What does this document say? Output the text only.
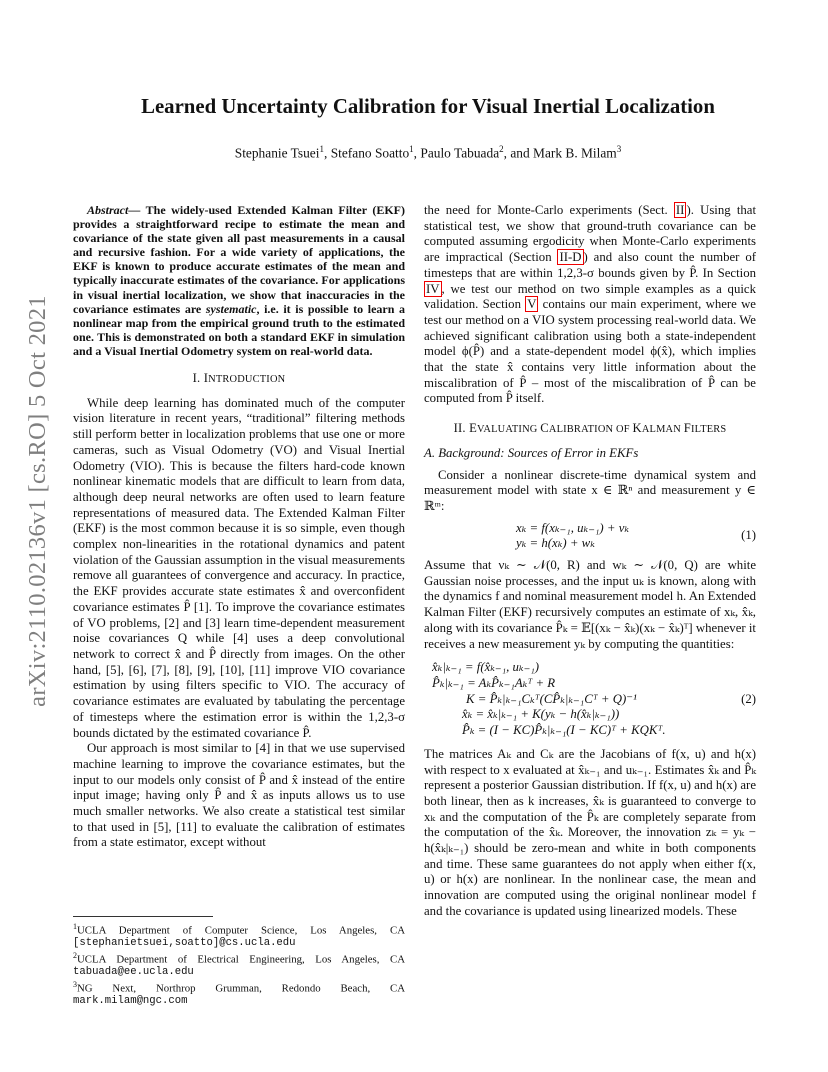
arXiv:2110.02136v1 [cs.RO] 5 Oct 2021
Learned Uncertainty Calibration for Visual Inertial Localization
Stephanie Tsuei$^1$, Stefano Soatto$^1$, Paulo Tabuada$^2$, and Mark B. Milam$^3$

Abstract— The widely-used Extended Kalman Filter (EKF) provides a straightforward recipe to estimate the mean and covariance of the state given all past measurements in a causal and recursive fashion. For a wide variety of applications, the EKF is known to produce accurate estimates of the mean and typically inaccurate estimates of the covariance. For applications in visual inertial localization, we show that inaccuracies in the covariance estimates are systematic, i.e. it is possible to learn a nonlinear map from the empirical ground truth to the estimated one. This is demonstrated on both a standard EKF in simulation and a Visual Inertial Odometry system on real-world data.

I. INTRODUCTION

While deep learning has dominated much of the computer vision literature in recent years, “traditional” filtering methods still perform better in localization problems that use one or more cameras, such as Visual Odometry (VO) and Visual Inertial Odometry (VIO). This is because the filters hard-code known nonlinear kinematic models that are difficult to learn from data, although deep neural networks are often used to learn feature representations of measured data. The Extended Kalman Filter (EKF) is the most common because it is so simple, even though complex non-linearities in the rotational dynamics and patent violation of the Gaussian assumption in the visual measurements remove all guarantees of convergence and accuracy. In practice, the EKF provides accurate state estimates x̂ and overconfident covariance estimates P̂ [1]. To improve the covariance estimates of VO problems, [2] and [3] learn time-dependent measurement noise covariances Q while [4] uses a deep convolutional network to correct x̂ and P̂ directly from images. On the other hand, [5], [6], [7], [8], [9], [10], [11] improve VIO covariance estimation by using filters specific to VIO. The accuracy of covariance estimates are evaluated by tabulating the percentage of timesteps where the estimation error is within the 1,2,3-σ bounds dictated by the estimated covariance P̂.

Our approach is most similar to [4] in that we use supervised machine learning to improve the covariance estimates, but the input to our models only consist of P̂ and x̂ instead of the entire input image; having only P̂ and x̂ as inputs allows us to use much smaller networks. We also create a statistical test similar to that used in [5], [11] to evaluate the calibration of estimates from a state estimator, except without

$^1$UCLA Department of Computer Science, Los Angeles, CA
[stephanietsuei,soatto]@cs.ucla.edu
$^2$UCLA Department of Electrical Engineering, Los Angeles, CA
tabuada@ee.ucla.edu
$^3$NG Next, Northrop Grumman, Redondo Beach, CA
mark.milam@ngc.com

the need for Monte-Carlo experiments (Sect. II ). Using that statistical test, we show that ground-truth covariance can be computed assuming ergodicity when Monte-Carlo experiments are impractical (Section II-D ) and also count the number of timesteps that are within 1,2,3-σ bounds given by P̂. In Section IV , we test our method on two simple examples as a quick validation. Section V contains our main experiment, where we test our method on a VIO system processing real-world data. We achieved significant calibration using both a state-independent model ϕ(P̂) and a state-dependent model ϕ(x̂), which implies that the state x̂ contains very little information about the miscalibration of P̂ – most of the miscalibration of P̂ can be computed from P̂ itself.

II. EVALUATING CALIBRATION OF KALMAN FILTERS
A. Background: Sources of Error in EKFs

Consider a nonlinear discrete-time dynamical system and measurement model with state x ∈ ℝⁿ and measurement y ∈ ℝᵐ:

xₖ = f(xₖ₋₁, uₖ₋₁) + νₖ
yₖ = h(xₖ) + wₖ
(1)

Assume that νₖ ∼ 𝒩(0, R) and wₖ ∼ 𝒩(0, Q) are white Gaussian noise processes, and the input uₖ is known, along with the dynamics f and nominal measurement model h. An Extended Kalman Filter (EKF) recursively computes an estimate of xₖ, x̂ₖ, along with its covariance P̂ₖ = 𝔼[(xₖ − x̂ₖ)(xₖ − x̂ₖ)ᵀ] whenever it receives a new measurement yₖ by computing the quantities:

x̂ₖ|ₖ₋₁ = f(x̂ₖ₋₁, uₖ₋₁)
P̂ₖ|ₖ₋₁ = AₖP̂ₖ₋₁Aₖᵀ + R
K = P̂ₖ|ₖ₋₁Cₖᵀ(CP̂ₖ|ₖ₋₁Cᵀ + Q)⁻¹
x̂ₖ = x̂ₖ|ₖ₋₁ + K(yₖ − h(x̂ₖ|ₖ₋₁))
P̂ₖ = (I − KC)P̂ₖ|ₖ₋₁(I − KC)ᵀ + KQKᵀ.
(2)

The matrices Aₖ and Cₖ are the Jacobians of f(x, u) and h(x) with respect to x evaluated at x̂ₖ₋₁ and uₖ₋₁. Estimates x̂ₖ and P̂ₖ represent a posterior Gaussian distribution. If f(x, u) and h(x) are both linear, then as k increases, x̂ₖ is guaranteed to converge to xₖ and the computation of the P̂ₖ are completely separate from the computation of the x̂ₖ. Moreover, the innovation zₖ = yₖ − h(x̂ₖ|ₖ₋₁) should be zero-mean and white in both components and time. These same guarantees do not apply when either f(x, u) or h(x) are nonlinear. In the nonlinear case, the mean and innovation are computed using the original nonlinear model f and the covariance is updated using linearized models. These
